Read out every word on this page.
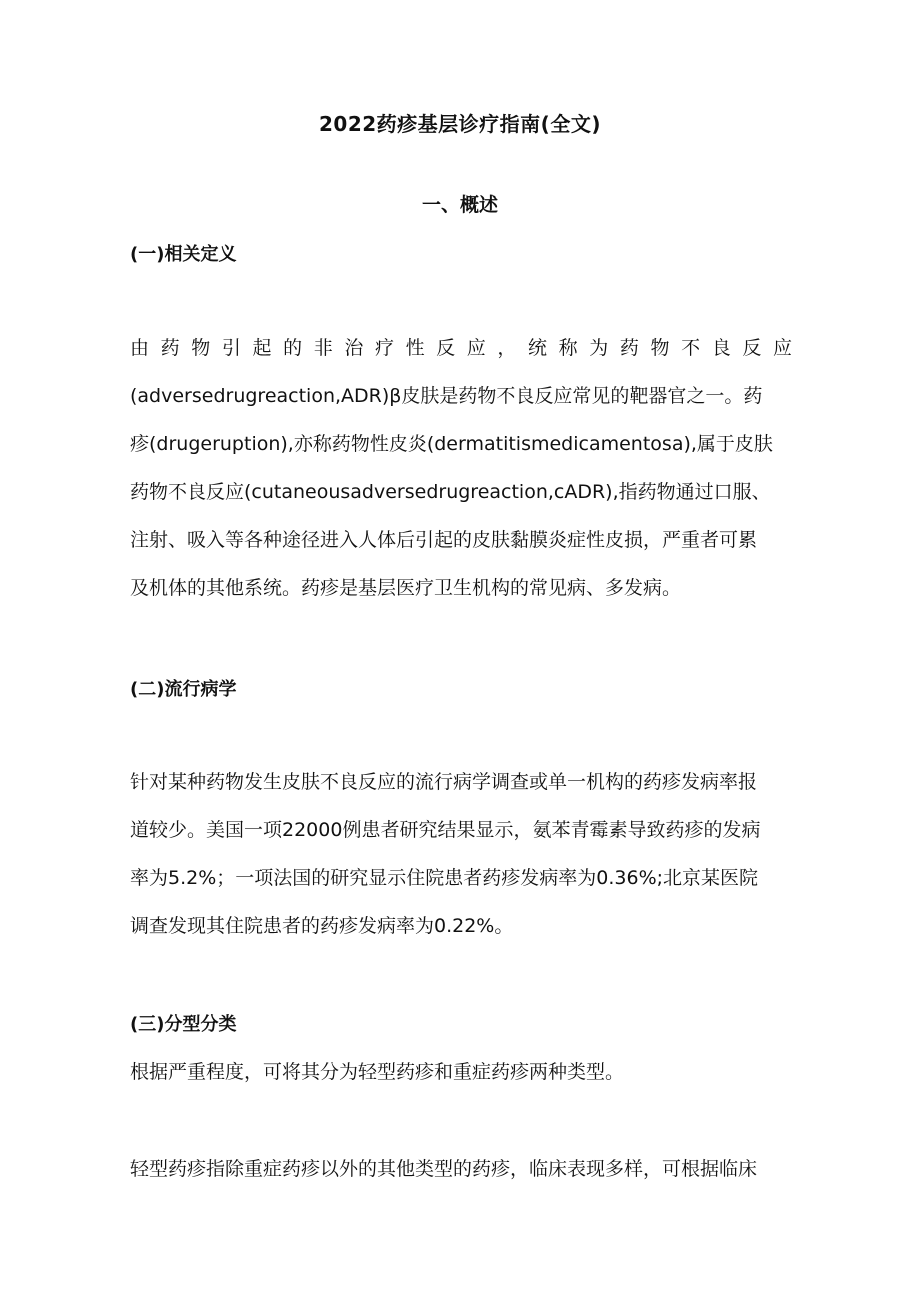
2022药疹基层诊疗指南(全文)
一、概述
(一)相关定义
由药物引起的非治疗性反应，统称为药物不良反应
(adversedrugreaction,ADR)β皮肤是药物不良反应常见的靶器官之一。药
疹(drugeruption),亦称药物性皮炎(dermatitismedicamentosa),属于皮肤
药物不良反应(cutaneousadversedrugreaction,cADR),指药物通过口服、
注射、吸入等各种途径进入人体后引起的皮肤黏膜炎症性皮损，严重者可累
及机体的其他系统。药疹是基层医疗卫生机构的常见病、多发病。
(二)流行病学
针对某种药物发生皮肤不良反应的流行病学调查或单一机构的药疹发病率报
道较少。美国一项22000例患者研究结果显示，氨苯青霉素导致药疹的发病
率为5.2%；一项法国的研究显示住院患者药疹发病率为0.36%;北京某医院
调查发现其住院患者的药疹发病率为0.22%。
(三)分型分类
根据严重程度，可将其分为轻型药疹和重症药疹两种类型。
轻型药疹指除重症药疹以外的其他类型的药疹，临床表现多样，可根据临床
